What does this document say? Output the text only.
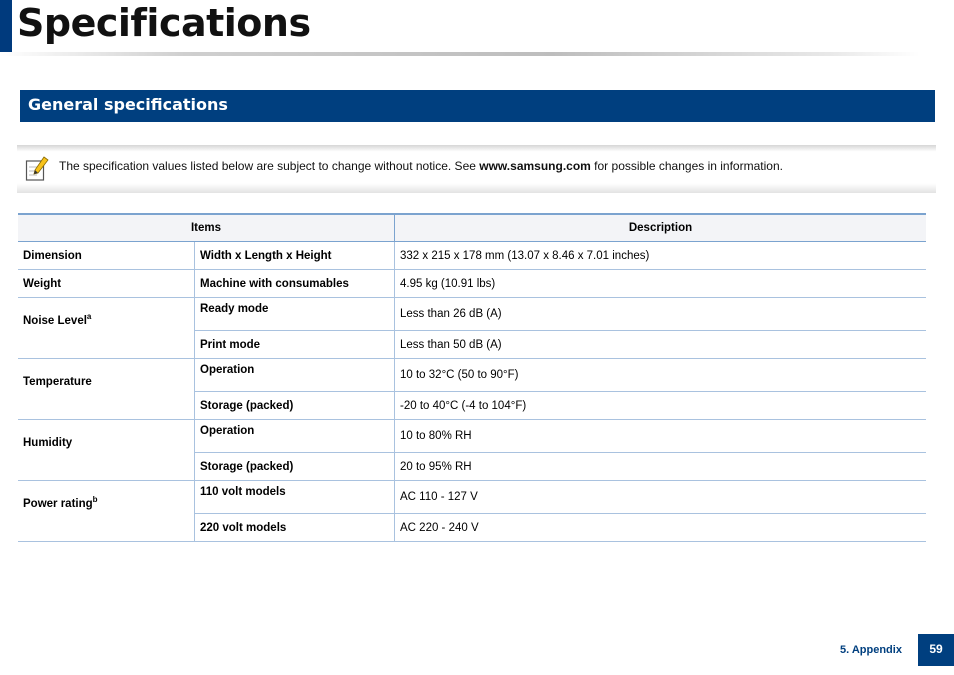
Specifications
General specifications
The specification values listed below are subject to change without notice. See www.samsung.com for possible changes in information.
Items		Description
Dimension	Width x Length x Height	332 x 215 x 178 mm (13.07 x 8.46 x 7.01 inches)
Weight	Machine with consumables	4.95 kg (10.91 lbs)
Noise Level$^a$	Ready mode	Less than 26 dB (A)
	Print mode	Less than 50 dB (A)
Temperature	Operation	10 to 32°C (50 to 90°F)
	Storage (packed)	-20 to 40°C (-4 to 104°F)
Humidity	Operation	10 to 80% RH
	Storage (packed)	20 to 95% RH
Power rating$^b$	110 volt models	AC 110 - 127 V
	220 volt models	AC 220 - 240 V
5. Appendix	59
